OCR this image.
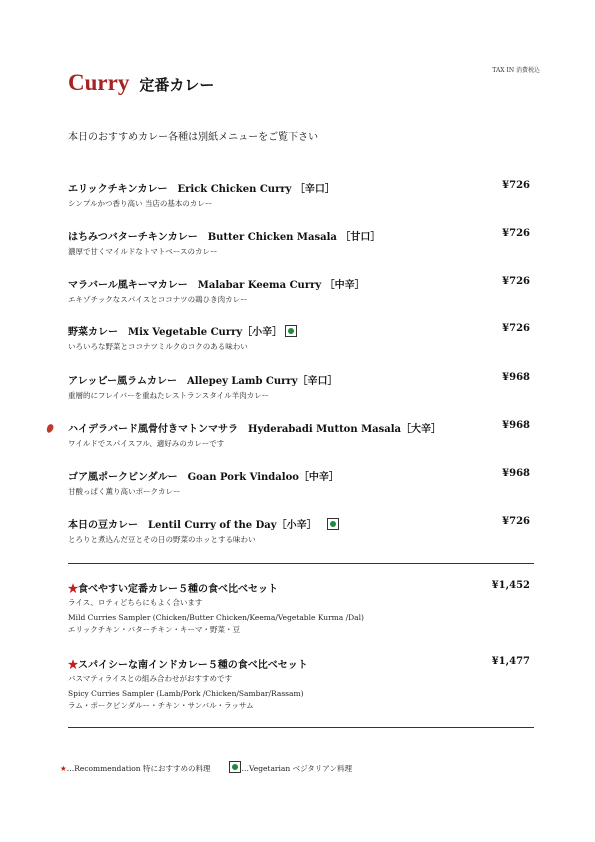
TAX IN 消費税込
Curry 定番カレー
本日のおすすめカレー各種は別紙メニューをご覧下さい
エリックチキンカレー　Erick Chicken Curry ［辛口］	¥726
シンプルかつ香り高い 当店の基本のカレー
はちみつバターチキンカレー　Butter Chicken Masala ［甘口］	¥726
濃厚で甘くマイルドなトマトベースのカレー
マラバール風キーマカレー　Malabar Keema Curry ［中辛］	¥726
エキゾチックなスパイスとココナツの鶏ひき肉カレー
野菜カレー　Mix Vegetable Curry［小辛］	¥726
いろいろな野菜とココナツミルクのコクのある味わい
アレッピー風ラムカレー　Allepey Lamb Curry［辛口］	¥968
重層的にフレイバーを重ねたレストランスタイル羊肉カレー
ハイデラバード風骨付きマトンマサラ　Hyderabadi Mutton Masala［大辛］	¥968
ワイルドでスパイスフル、適好みのカレーです
ゴア風ポークビンダルー　Goan Pork Vindaloo［中辛］	¥968
甘酸っぱく薫り高いポークカレー
本日の豆カレー　Lentil Curry of the Day［小辛］	¥726
とろりと煮込んだ豆とその日の野菜のホッとする味わい
★食べやすい定番カレー５種の食べ比べセット	¥1,452
ライス、ロティどちらにもよく合います
Mild Curries Sampler (Chicken/Butter Chicken/Keema/Vegetable Kurma /Dal)
エリックチキン・バターチキン・キーマ・野菜・豆
★スパイシーな南インドカレー５種の食べ比べセット	¥1,477
バスマティライスとの組み合わせがおすすめです
Spicy Curries Sampler (Lamb/Pork /Chicken/Sambar/Rassam)
ラム・ポークビンダルー・チキン・サンバル・ラッサム
★…Recommendation 特におすすめの料理	…Vegetarian ベジタリアン料理
